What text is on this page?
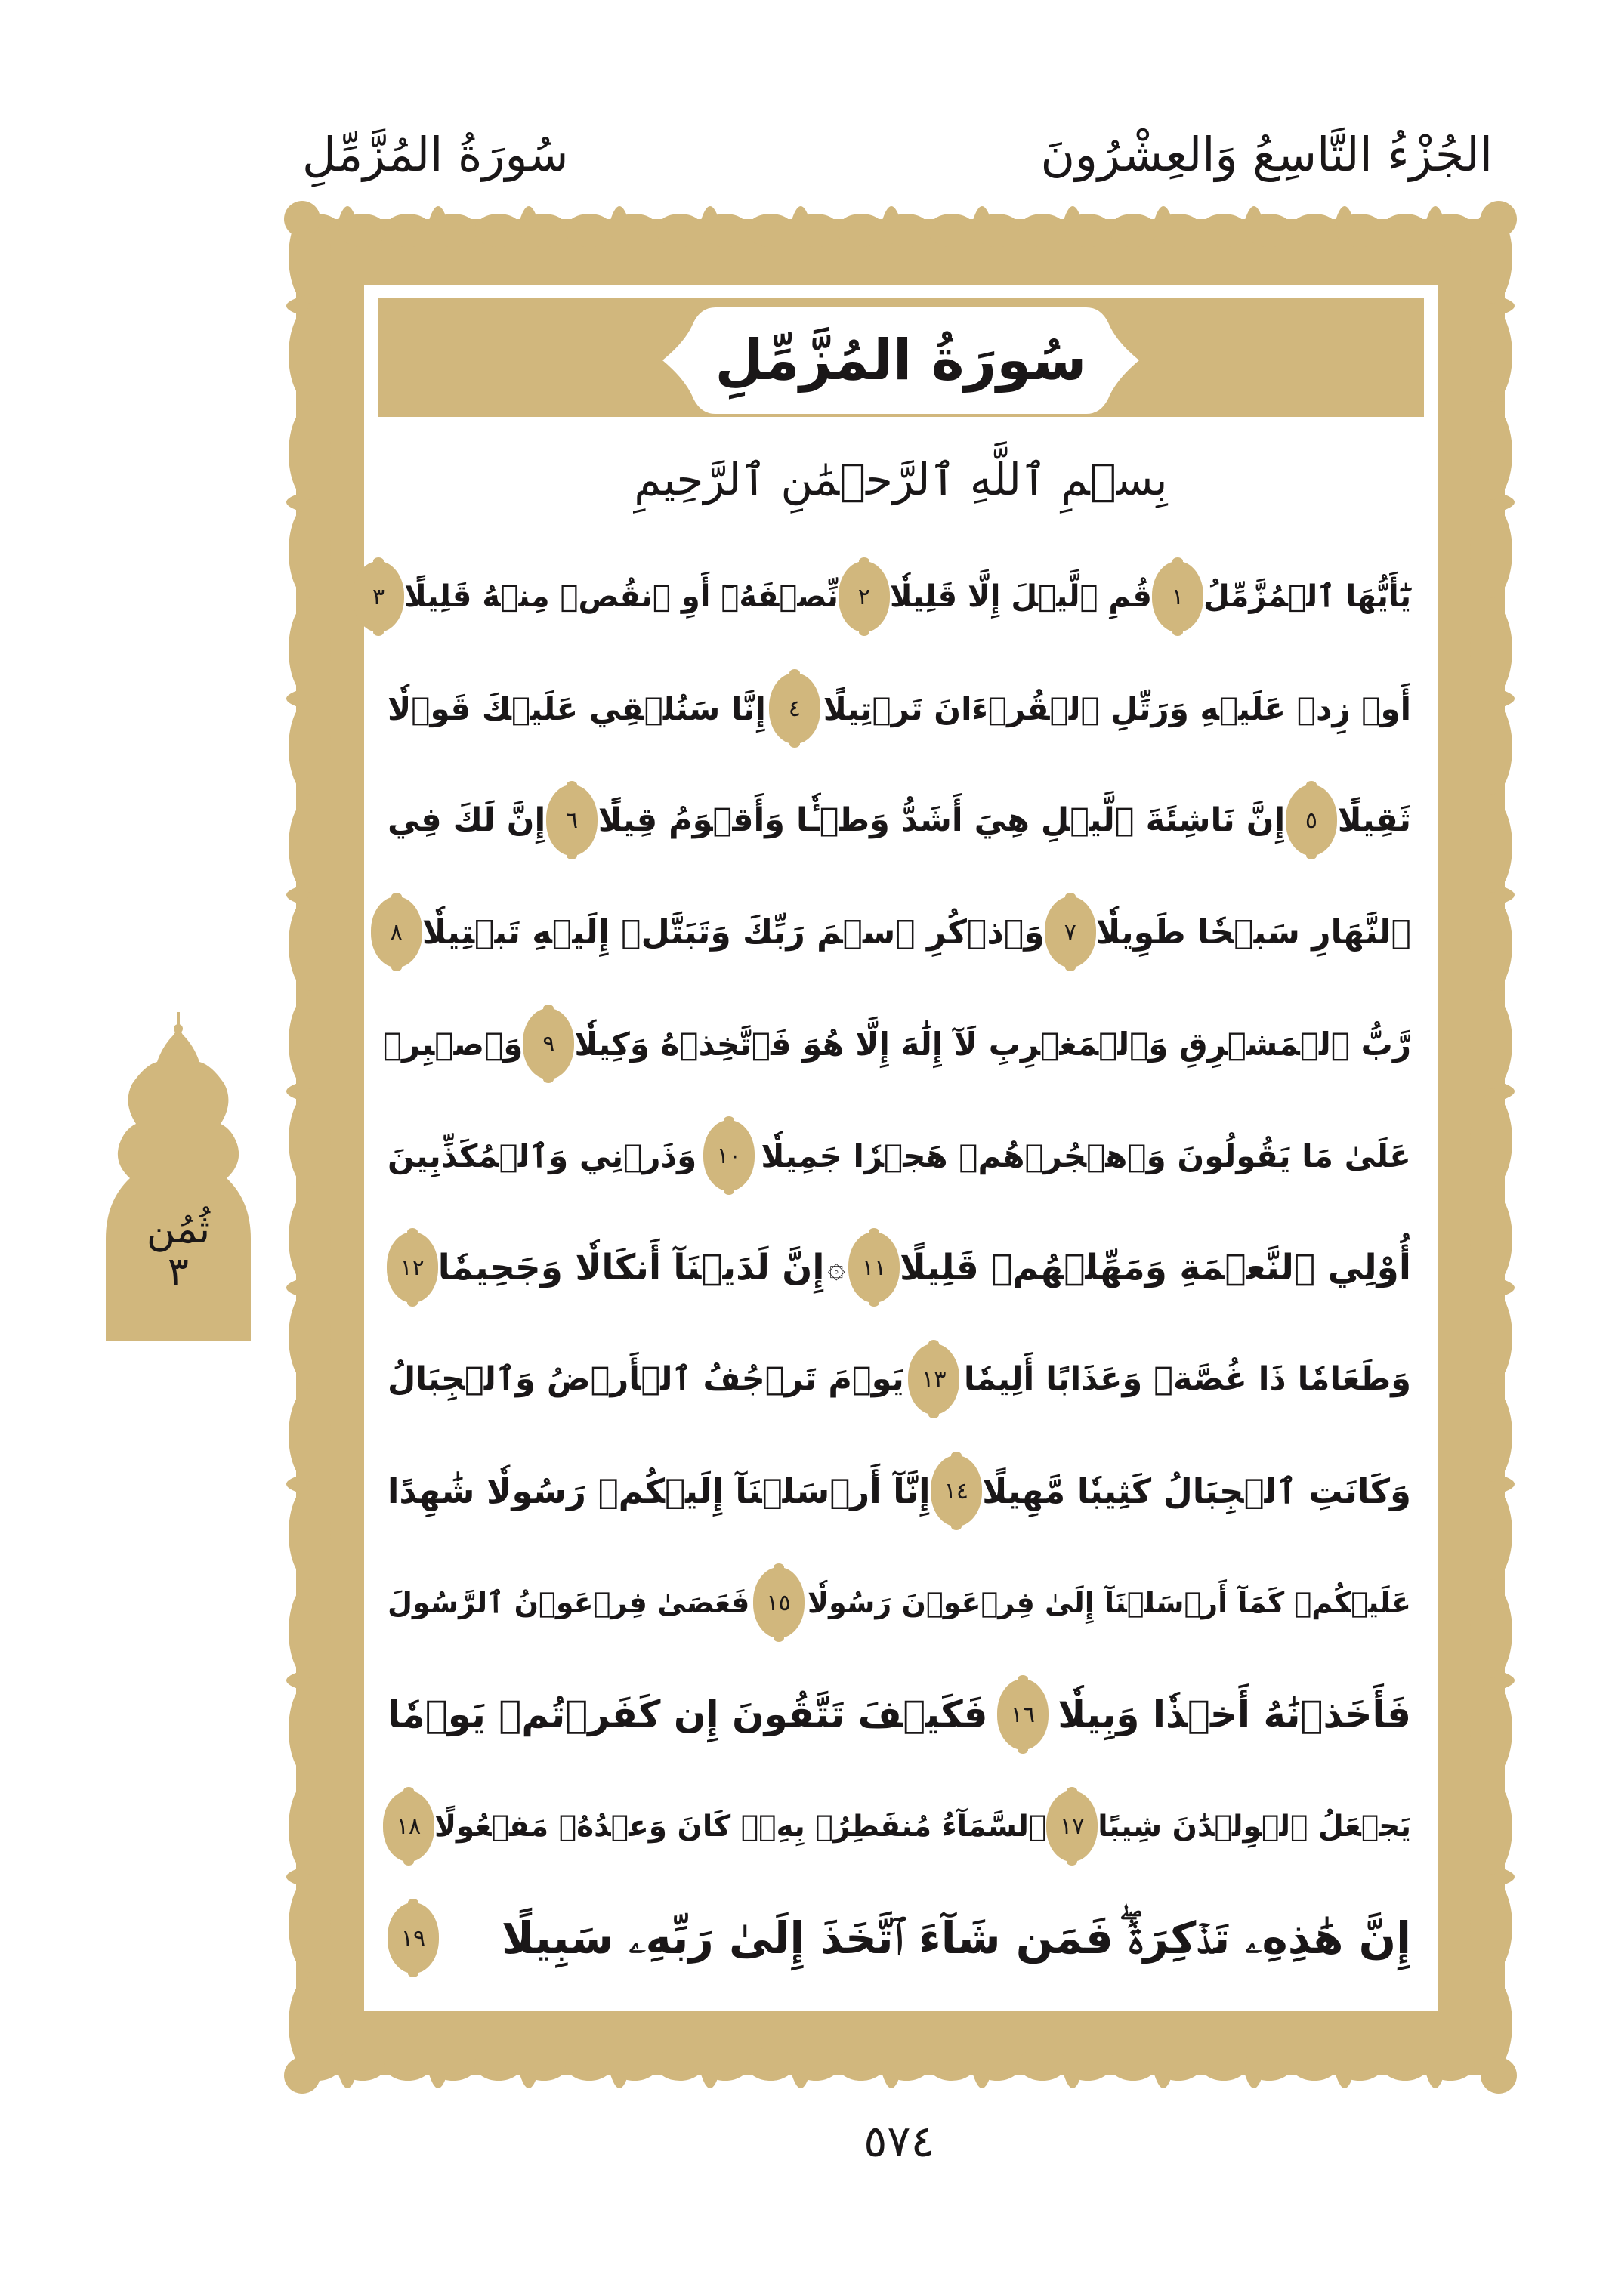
الجُزْءُ التَّاسِعُ وَالعِشْرُونَ
سُورَةُ المُزَّمِّلِ
سُورَةُ المُزَّمِّلِ
بِسۡمِ ٱللَّهِ ٱلرَّحۡمَٰنِ ٱلرَّحِيمِ
يَٰٓأَيُّهَا ٱلۡمُزَّمِّلُ
١
قُمِ ٱلَّيۡلَ إِلَّا قَلِيلٗا
٢
نِّصۡفَهُۥٓ أَوِ ٱنقُصۡ مِنۡهُ قَلِيلًا
٣
أَوۡ زِدۡ عَلَيۡهِ وَرَتِّلِ ٱلۡقُرۡءَانَ تَرۡتِيلًا
٤
إِنَّا سَنُلۡقِي عَلَيۡكَ قَوۡلٗا
ثَقِيلًا
٥
إِنَّ نَاشِئَةَ ٱلَّيۡلِ هِيَ أَشَدُّ وَطۡـٔٗا وَأَقۡوَمُ قِيلًا
٦
إِنَّ لَكَ فِي
ٱلنَّهَارِ سَبۡحٗا طَوِيلٗا
٧
وَٱذۡكُرِ ٱسۡمَ رَبِّكَ وَتَبَتَّلۡ إِلَيۡهِ تَبۡتِيلٗا
٨
رَّبُّ ٱلۡمَشۡرِقِ وَٱلۡمَغۡرِبِ لَآ إِلَٰهَ إِلَّا هُوَ فَٱتَّخِذۡهُ وَكِيلٗا
٩
وَٱصۡبِرۡ
عَلَىٰ مَا يَقُولُونَ وَٱهۡجُرۡهُمۡ هَجۡرٗا جَمِيلٗا
١٠
وَذَرۡنِي وَٱلۡمُكَذِّبِينَ
أُوْلِي ٱلنَّعۡمَةِ وَمَهِّلۡهُمۡ قَلِيلًا
١١
۞
إِنَّ لَدَيۡنَآ أَنكَالٗا وَجَحِيمٗا
١٢
وَطَعَامٗا ذَا غُصَّةٖ وَعَذَابًا أَلِيمٗا
١٣
يَوۡمَ تَرۡجُفُ ٱلۡأَرۡضُ وَٱلۡجِبَالُ
وَكَانَتِ ٱلۡجِبَالُ كَثِيبٗا مَّهِيلًا
١٤
إِنَّآ أَرۡسَلۡنَآ إِلَيۡكُمۡ رَسُولٗا شَٰهِدًا
عَلَيۡكُمۡ كَمَآ أَرۡسَلۡنَآ إِلَىٰ فِرۡعَوۡنَ رَسُولٗا
١٥
فَعَصَىٰ فِرۡعَوۡنُ ٱلرَّسُولَ
فَأَخَذۡنَٰهُ أَخۡذٗا وَبِيلٗا
١٦
فَكَيۡفَ تَتَّقُونَ إِن كَفَرۡتُمۡ يَوۡمٗا
يَجۡعَلُ ٱلۡوِلۡدَٰنَ شِيبًا
١٧
ٱلسَّمَآءُ مُنفَطِرُۢ بِهِۦۚ كَانَ وَعۡدُهُۥ مَفۡعُولًا
١٨
إِنَّ هَٰذِهِۦ تَذۡكِرَةٞۖ فَمَن شَآءَ ٱتَّخَذَ إِلَىٰ رَبِّهِۦ سَبِيلًا
١٩
ثُمُن
٣
٥٧٤
